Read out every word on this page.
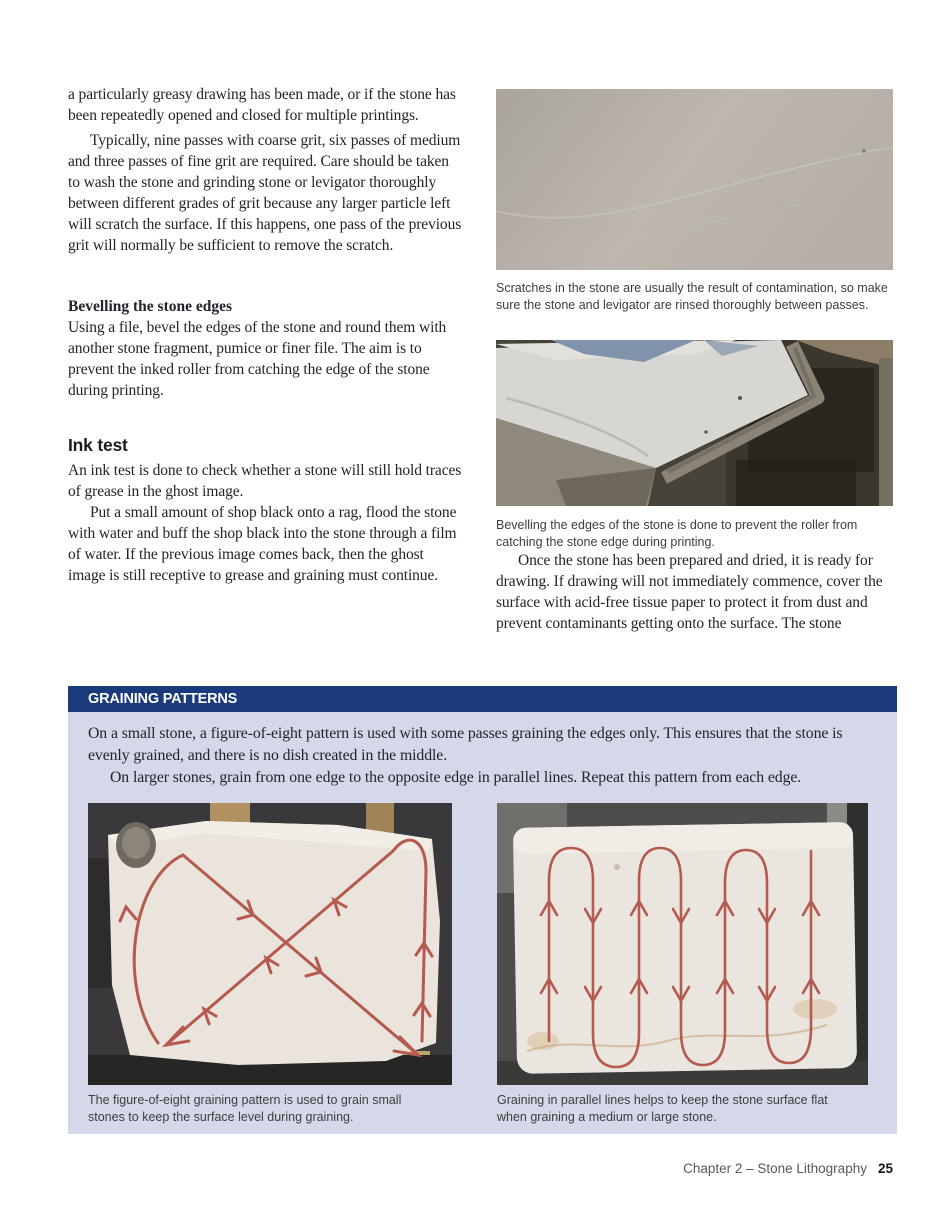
a particularly greasy drawing has been made, or if the stone has been repeatedly opened and closed for multiple printings.

Typically, nine passes with coarse grit, six passes of medium and three passes of fine grit are required. Care should be taken to wash the stone and grinding stone or levigator thoroughly between different grades of grit because any larger particle left will scratch the surface. If this happens, one pass of the previous grit will normally be sufficient to remove the scratch.

Bevelling the stone edges

Using a file, bevel the edges of the stone and round them with another stone fragment, pumice or finer file. The aim is to prevent the inked roller from catching the edge of the stone during printing.

Ink test

An ink test is done to check whether a stone will still hold traces of grease in the ghost image.

Put a small amount of shop black onto a rag, flood the stone with water and buff the shop black into the stone through a film of water. If the previous image comes back, then the ghost image is still receptive to grease and graining must continue.

Scratches in the stone are usually the result of contamination, so make sure the stone and levigator are rinsed thoroughly between passes.

Bevelling the edges of the stone is done to prevent the roller from catching the stone edge during printing.

Once the stone has been prepared and dried, it is ready for drawing. If drawing will not immediately commence, cover the surface with acid-free tissue paper to protect it from dust and prevent contaminants getting onto the surface. The stone

GRAINING PATTERNS

On a small stone, a figure-of-eight pattern is used with some passes graining the edges only. This ensures that the stone is evenly grained, and there is no dish created in the middle.

On larger stones, grain from one edge to the opposite edge in parallel lines. Repeat this pattern from each edge.

The figure-of-eight graining pattern is used to grain small stones to keep the surface level during graining.

Graining in parallel lines helps to keep the stone surface flat when graining a medium or large stone.

Chapter 2 – Stone Lithography 25
